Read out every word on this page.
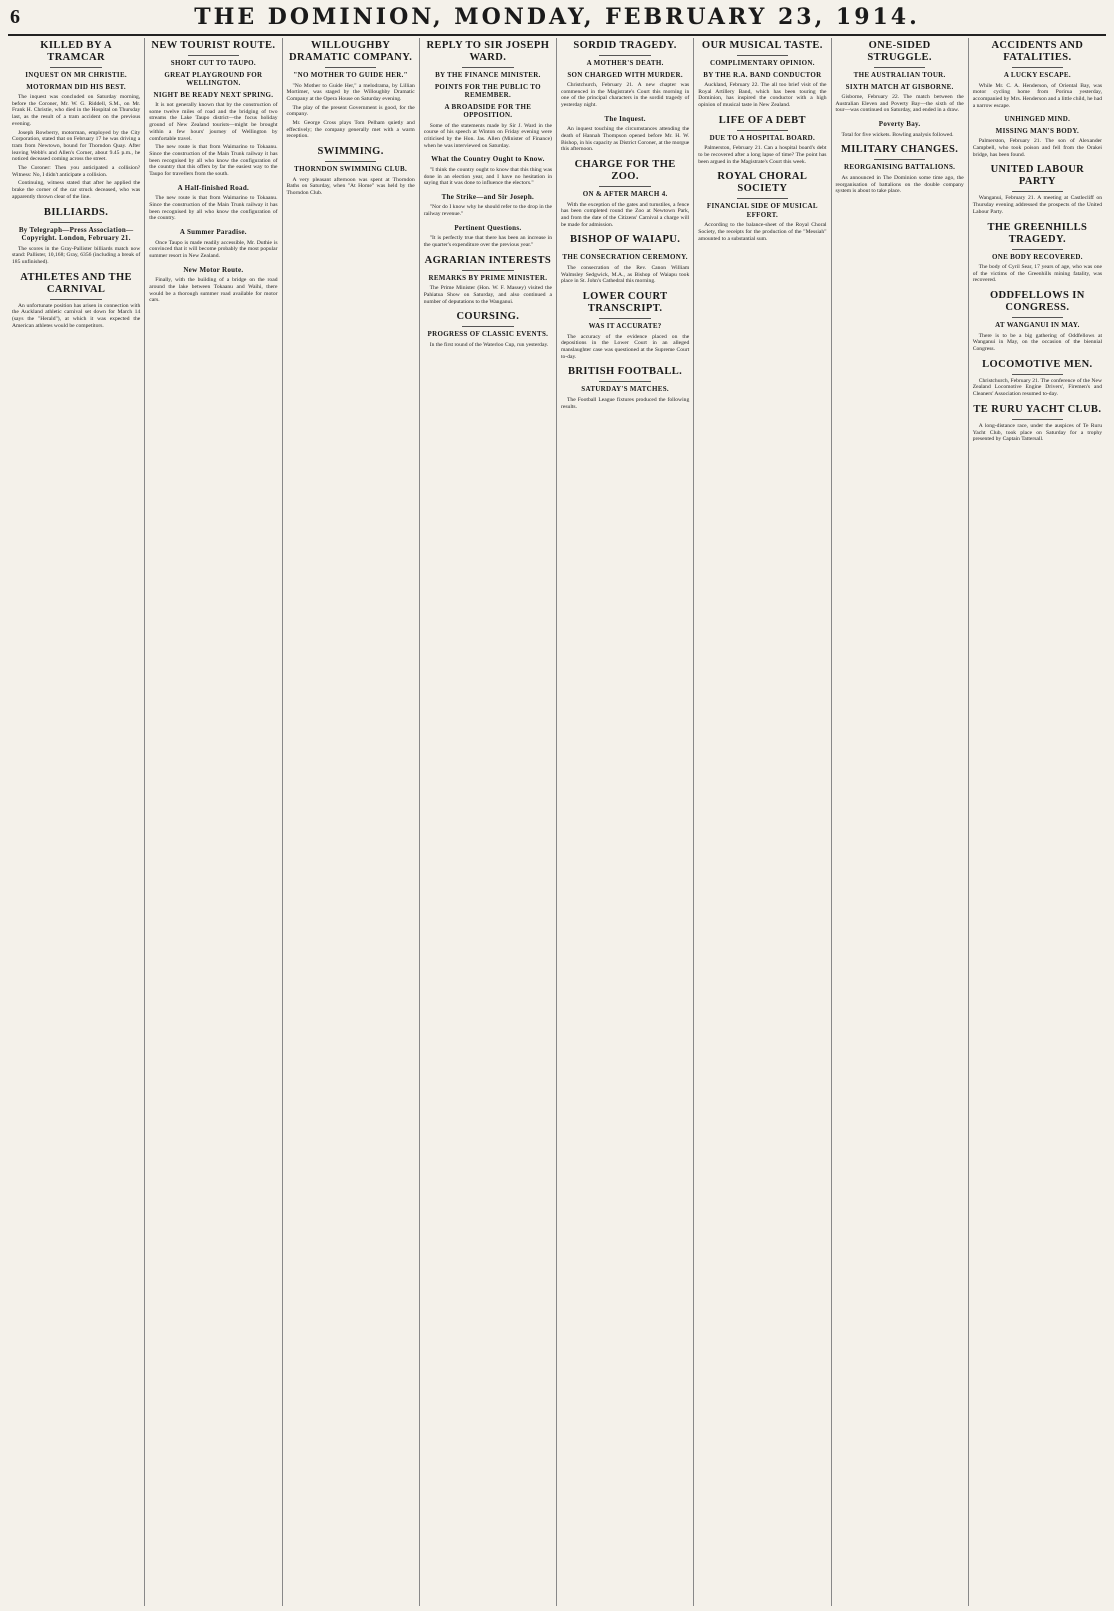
6	THE DOMINION, MONDAY, FEBRUARY 23, 1914.
KILLED BY A TRAMCAR
INQUEST ON MR CHRISTIE.
MOTORMAN DID HIS BEST.

The inquest was concluded on Saturday morning, before the Coroner, Mr. W. G. Riddell, S.M., on Mr. Frank H. Christie, who died in the Hospital on Thursday last, as the result of a tram accident on the previous evening.

Joseph Rowberry, motorman, employed by the City Corporation, stated that on February 17 he was driving a tram from Newtown, bound for Thorndon Quay. After leaving Webb's and Allen's Corner, about 9.45 p.m., he noticed deceased coming across the street.

The Coroner: Then you anticipated a collision? Witness: No, I didn't anticipate a collision.

Continuing, witness stated that after he applied the brake the corner of the car struck deceased, who was apparently thrown clear of the line.

BILLIARDS.
By Telegraph—Press Association—Copyright. London, February 21.

The scores in the Gray-Pallister billiards match now stand: Pallister, 10,168; Gray, 6356 (including a break of 185 unfinished).

ATHLETES AND THE CARNIVAL

An unfortunate position has arisen in connection with the Auckland athletic carnival set down for March 14 (says the "Herald"), at which it was expected the American athletes would be competitors.

NEW TOURIST ROUTE.
SHORT CUT TO TAUPO.
GREAT PLAYGROUND FOR WELLINGTON.
NIGHT BE READY NEXT SPRING.

It is not generally known that by the construction of some twelve miles of road and the bridging of two streams the Lake Taupo district—the focus holiday ground of New Zealand tourists—might be brought within a few hours' journey of Wellington by comfortable travel.

The new route is that from Waimarino to Tokaanu. Since the construction of the Main Trunk railway it has been recognised by all who know the configuration of the country that this offers by far the easiest way to the Taupo for travellers from the south.

A Half-finished Road.

The new route is that from Waimarino to Tokaanu. Since the construction of the Main Trunk railway it has been recognised by all who know the configuration of the country.

A Summer Paradise.

Once Taupo is made readily accessible, Mr. Duthie is convinced that it will become probably the most popular summer resort in New Zealand.

New Motor Route.

Finally, with the building of a bridge on the road around the lake between Tokaanu and Waihi, there would be a thorough summer road available for motor cars.

WILLOUGHBY DRAMATIC COMPANY.
"NO MOTHER TO GUIDE HER."

"No Mother to Guide Her," a melodrama, by Lillian Mortimer, was staged by the Willoughby Dramatic Company at the Opera House on Saturday evening.

The play of the present Government is good, for the company.

Mr. George Cross plays Tom Pelham quietly and effectively; the company generally met with a warm reception.

SWIMMING.
THORNDON SWIMMING CLUB.

A very pleasant afternoon was spent at Thorndon Baths on Saturday, when "At Home" was held by the Thorndon Club.

REPLY TO SIR JOSEPH WARD.
BY THE FINANCE MINISTER.
POINTS FOR THE PUBLIC TO REMEMBER.
A BROADSIDE FOR THE OPPOSITION.

Some of the statements made by Sir J. Ward in the course of his speech at Winton on Friday evening were criticised by the Hon. Jas. Allen (Minister of Finance) when he was interviewed on Saturday.

What the Country Ought to Know.

"I think the country ought to know that this thing was done in an election year, and I have no hesitation in saying that it was done to influence the electors."

The Strike—and Sir Joseph.

"Nor do I know why he should refer to the drop in the railway revenue."

Pertinent Questions.

"It is perfectly true that there has been an increase in the quarter's expenditure over the previous year."

AGRARIAN INTERESTS
REMARKS BY PRIME MINISTER.

The Prime Minister (Hon. W. F. Massey) visited the Pahiatua Show on Saturday, and also continued a number of deputations to the Wanganui.

COURSING.
PROGRESS OF CLASSIC EVENTS.

In the first round of the Waterloo Cup, run yesterday.

SORDID TRAGEDY.
A MOTHER'S DEATH.
SON CHARGED WITH MURDER.

Christchurch, February 21. A new chapter was commenced in the Magistrate's Court this morning in one of the principal characters in the sordid tragedy of yesterday night.

The Inquest.

An inquest touching the circumstances attending the death of Hannah Thompson opened before Mr. H. W. Bishop, in his capacity as District Coroner, at the morgue this afternoon.

CHARGE FOR THE ZOO.
ON & AFTER MARCH 4.

With the exception of the gates and turnstiles, a fence has been completed round the Zoo at Newtown Park, and from the date of the Citizens' Carnival a charge will be made for admission.

BISHOP OF WAIAPU.
THE CONSECRATION CEREMONY.

The consecration of the Rev. Canon William Walmsley Sedgwick, M.A., as Bishop of Waiapu took place in St. John's Cathedral this morning.

LOWER COURT TRANSCRIPT.
WAS IT ACCURATE?

The accuracy of the evidence placed on the depositions in the Lower Court in an alleged manslaughter case was questioned at the Supreme Court to-day.

BRITISH FOOTBALL.
SATURDAY'S MATCHES.

The Football League fixtures produced the following results.

OUR MUSICAL TASTE.
COMPLIMENTARY OPINION.
BY THE R.A. BAND CONDUCTOR

Auckland, February 22. The all too brief visit of the Royal Artillery Band, which has been touring the Dominion, has inspired the conductor with a high opinion of musical taste in New Zealand.

LIFE OF A DEBT
DUE TO A HOSPITAL BOARD.

Palmerston, February 21. Can a hospital board's debt to be recovered after a long lapse of time? The point has been argued in the Magistrate's Court this week.

ROYAL CHORAL SOCIETY
FINANCIAL SIDE OF MUSICAL EFFORT.

According to the balance-sheet of the Royal Choral Society, the receipts for the production of the "Messiah" amounted to a substantial sum.

ONE-SIDED STRUGGLE.
THE AUSTRALIAN TOUR.
SIXTH MATCH AT GISBORNE.

Gisborne, February 22. The match between the Australian Eleven and Poverty Bay—the sixth of the tour—was continued on Saturday, and ended in a draw.

Poverty Bay.

Total for five wickets. Bowling analysis followed.

MILITARY CHANGES.
REORGANISING BATTALIONS.

As announced in The Dominion some time ago, the reorganisation of battalions on the double company system is about to take place.

ACCIDENTS AND FATALITIES.
A LUCKY ESCAPE.

While Mr. C. A. Henderson, of Oriental Bay, was motor cycling home from Porirua yesterday, accompanied by Mrs. Henderson and a little child, he had a narrow escape.

UNHINGED MIND.
MISSING MAN'S BODY.

Palmerston, February 21. The son of Alexander Campbell, who took poison and fell from the Orakei bridge, has been found.

UNITED LABOUR PARTY

Wanganui, February 21. A meeting at Castlecliff on Thursday evening addressed the prospects of the United Labour Party.

THE GREENHILLS TRAGEDY.
ONE BODY RECOVERED.

The body of Cyril Sear, 17 years of age, who was one of the victims of the Greenhills mining fatality, was recovered.

ODDFELLOWS IN CONGRESS.
AT WANGANUI IN MAY.

There is to be a big gathering of Oddfellows at Wanganui in May, on the occasion of the biennial Congress.

LOCOMOTIVE MEN.

Christchurch, February 21. The conference of the New Zealand Locomotive Engine Drivers', Firemen's and Cleaners' Association resumed to-day.

TE RURU YACHT CLUB.

A long-distance race, under the auspices of Te Ruru Yacht Club, took place on Saturday for a trophy presented by Captain Tattersall.
